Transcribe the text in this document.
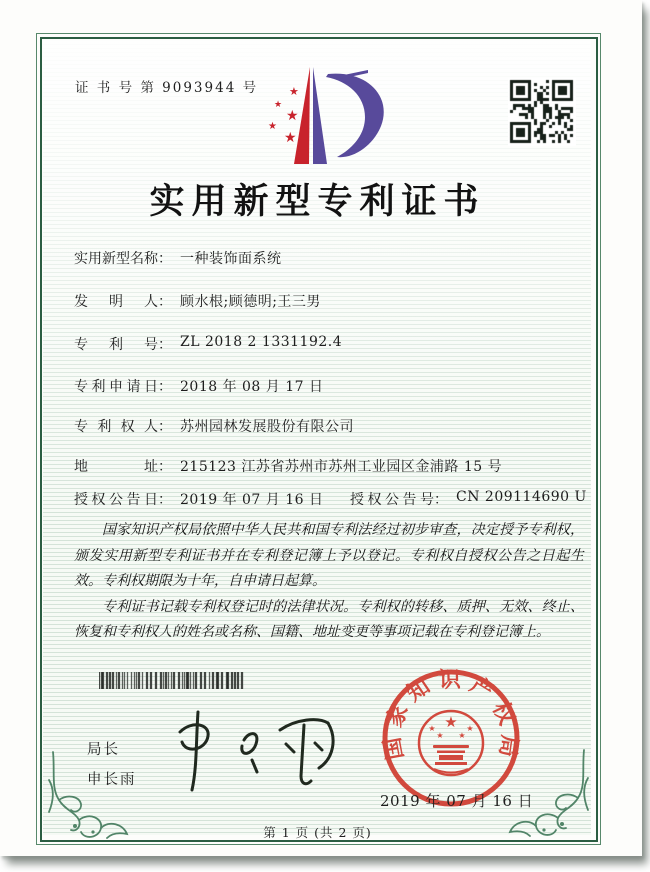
证 书 号 第 9093944 号	★
★
★
★
★
实用新型专利证书
实用新型名称 ： 一种装饰面系统
发明人 ： 顾水根;顾德明;王三男
专利号 ： ZL 2018 2 1331192.4
专利申请日 ： 2018 年 08 月 17 日
专利权人 ： 苏州园林发展股份有限公司
地址 ： 215123 江苏省苏州市苏州工业园区金浦路 15 号
授权公告日 ： 2019 年 07 月 16 日 授权公告号 ： CN 209114690 U

国家知识产权局依照中华人民共和国专利法经过初步审查，决定授予专利权，颁发实用新型专利证书并在专利登记簿上予以登记。专利权自授权公告之日起生效。专利权期限为十年，自申请日起算。

专利证书记载专利权登记时的法律状况。专利权的转移、质押、无效、终止、恢复和专利权人的姓名或名称、国籍、地址变更等事项记载在专利登记簿上。

局长
申长雨
国家知识产权局
★
★
★
★
★
2019 年 07 月 16 日
第 1 页 (共 2 页)
